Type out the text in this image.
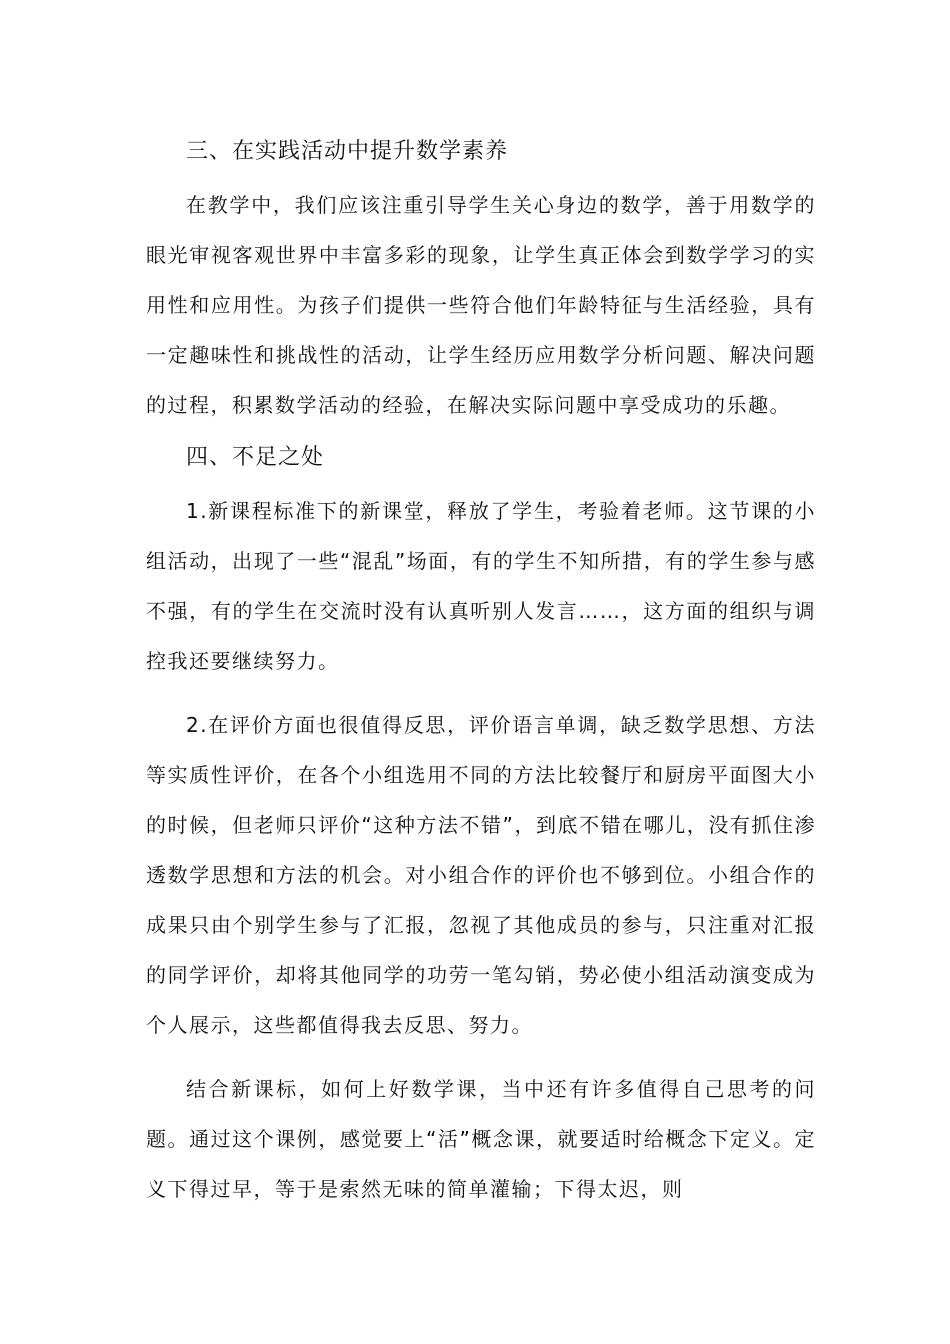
三、在实践活动中提升数学素养

在教学中，我们应该注重引导学生关心身边的数学，善于用数学的眼光审视客观世界中丰富多彩的现象，让学生真正体会到数学学习的实用性和应用性。为孩子们提供一些符合他们年龄特征与生活经验，具有一定趣味性和挑战性的活动，让学生经历应用数学分析问题、解决问题的过程，积累数学活动的经验，在解决实际问题中享受成功的乐趣。

四、不足之处

1.新课程标准下的新课堂，释放了学生，考验着老师。这节课的小组活动，出现了一些“混乱”场面，有的学生不知所措，有的学生参与感不强，有的学生在交流时没有认真听别人发言……，这方面的组织与调控我还要继续努力。

2.在评价方面也很值得反思，评价语言单调，缺乏数学思想、方法等实质性评价，在各个小组选用不同的方法比较餐厅和厨房平面图大小的时候，但老师只评价“这种方法不错”，到底不错在哪儿，没有抓住渗透数学思想和方法的机会。对小组合作的评价也不够到位。小组合作的成果只由个别学生参与了汇报，忽视了其他成员的参与，只注重对汇报的同学评价，却将其他同学的功劳一笔勾销，势必使小组活动演变成为个人展示，这些都值得我去反思、努力。

结合新课标，如何上好数学课，当中还有许多值得自己思考的问题。通过这个课例，感觉要上“活”概念课，就要适时给概念下定义。定义下得过早，等于是索然无味的简单灌输；下得太迟，则
